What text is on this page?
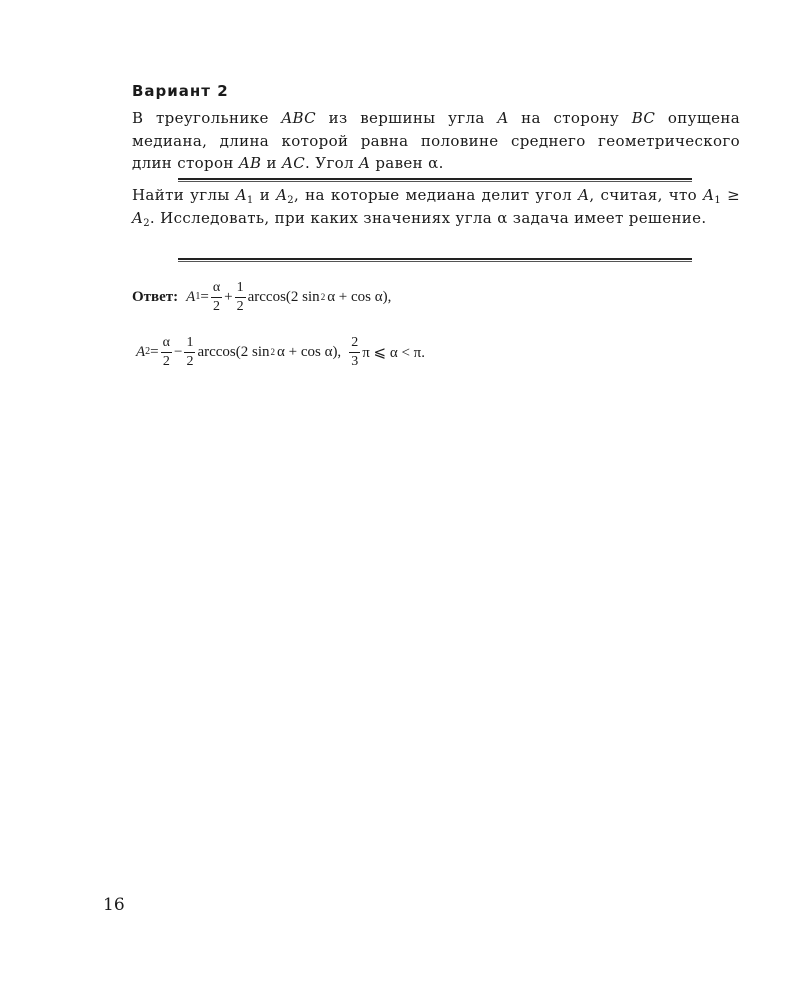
Вариант 2
В треугольнике ABC из вершины угла A на сторону BC опущена медиана, длина которой равна половине среднего геометрического длин сторон AB и AC. Угол A равен α.
Найти углы $A_1$ и $A_2$, на которые медиана делит угол A, считая, что $A_1 \ge A_2$. Исследовать, при каких значениях угла α задача имеет решение.
Ответ: A $1 = \frac{\alpha}{2} + \frac{1}{2} \arccos(2$ sin 2 α + cos α),
A $2 = \frac{\alpha}{2} - \frac{1}{2} \arccos(2$ sin 2 α + cos α), $\frac{2}{3}$ π ⩽ α < π.
16
